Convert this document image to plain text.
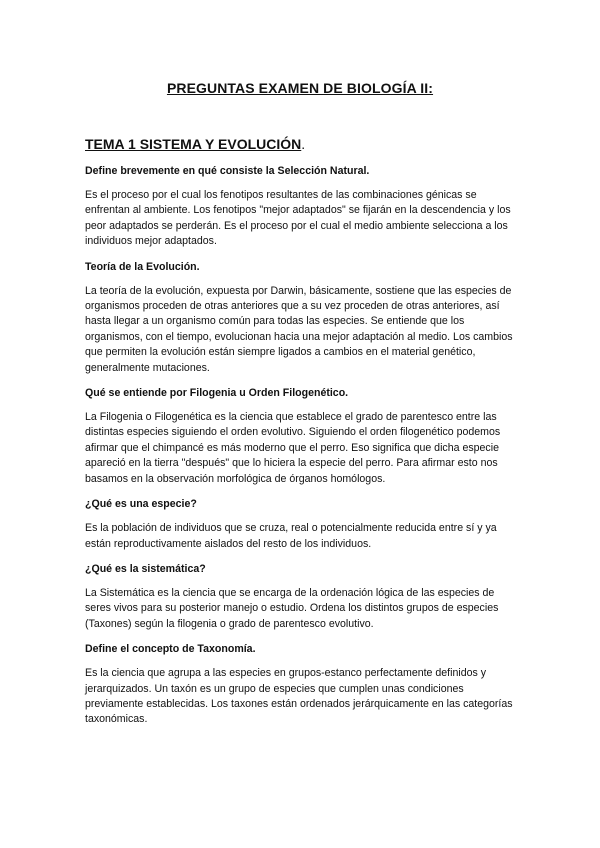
PREGUNTAS EXAMEN DE BIOLOGÍA II:
TEMA 1 SISTEMA Y EVOLUCIÓN.

Define brevemente en qué consiste la Selección Natural.

Es el proceso por el cual los fenotipos resultantes de las combinaciones génicas se enfrentan al ambiente. Los fenotipos "mejor adaptados" se fijarán en la descendencia y los peor adaptados se perderán. Es el proceso por el cual el medio ambiente selecciona a los individuos mejor adaptados.

Teoría de la Evolución.

La teoría de la evolución, expuesta por Darwin, básicamente, sostiene que las especies de organismos proceden de otras anteriores que a su vez proceden de otras anteriores, así hasta llegar a un organismo común para todas las especies. Se entiende que los organismos, con el tiempo, evolucionan hacia una mejor adaptación al medio. Los cambios que permiten la evolución están siempre ligados a cambios en el material genético, generalmente mutaciones.

Qué se entiende por Filogenia u Orden Filogenético.

La Filogenia o Filogenética es la ciencia que establece el grado de parentesco entre las distintas especies siguiendo el orden evolutivo. Siguiendo el orden filogenético podemos afirmar que el chimpancé es más moderno que el perro. Eso significa que dicha especie apareció en la tierra "después" que lo hiciera la especie del perro. Para afirmar esto nos basamos en la observación morfológica de órganos homólogos.

¿Qué es una especie?

Es la población de individuos que se cruza, real o potencialmente reducida entre sí y ya están reproductivamente aislados del resto de los individuos.

¿Qué es la sistemática?

La Sistemática es la ciencia que se encarga de la ordenación lógica de las especies de seres vivos para su posterior manejo o estudio. Ordena los distintos grupos de especies (Taxones) según la filogenia o grado de parentesco evolutivo.

Define el concepto de Taxonomía.

Es la ciencia que agrupa a las especies en grupos-estanco perfectamente definidos y jerarquizados. Un taxón es un grupo de especies que cumplen unas condiciones previamente establecidas. Los taxones están ordenados jerárquicamente en las categorías taxonómicas.
